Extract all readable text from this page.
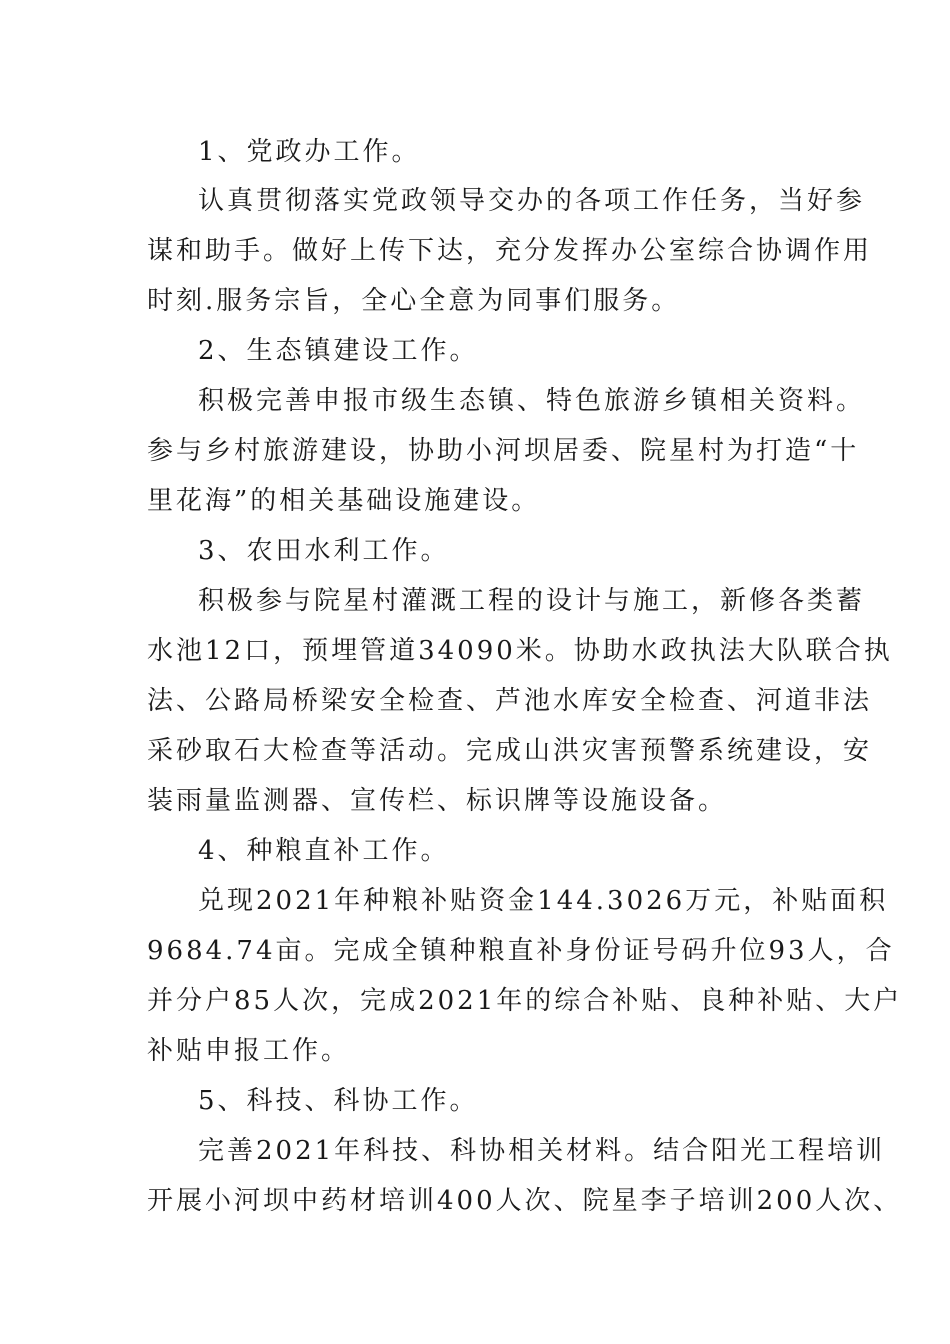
1、党政办工作。
认真贯彻落实党政领导交办的各项工作任务，当好参
谋和助手。做好上传下达，充分发挥办公室综合协调作用
时刻.服务宗旨，全心全意为同事们服务。
2、生态镇建设工作。
积极完善申报市级生态镇、特色旅游乡镇相关资料。
参与乡村旅游建设，协助小河坝居委、院星村为打造“十
里花海”的相关基础设施建设。
3、农田水利工作。
积极参与院星村灌溉工程的设计与施工，新修各类蓄
水池12口，预埋管道34090米。协助水政执法大队联合执
法、公路局桥梁安全检查、芦池水库安全检查、河道非法
采砂取石大检查等活动。完成山洪灾害预警系统建设，安
装雨量监测器、宣传栏、标识牌等设施设备。
4、种粮直补工作。
兑现2021年种粮补贴资金144.3026万元，补贴面积
9684.74亩。完成全镇种粮直补身份证号码升位93人，合
并分户85人次，完成2021年的综合补贴、良种补贴、大户
补贴申报工作。
5、科技、科协工作。
完善2021年科技、科协相关材料。结合阳光工程培训
开展小河坝中药材培训400人次、院星李子培训200人次、
